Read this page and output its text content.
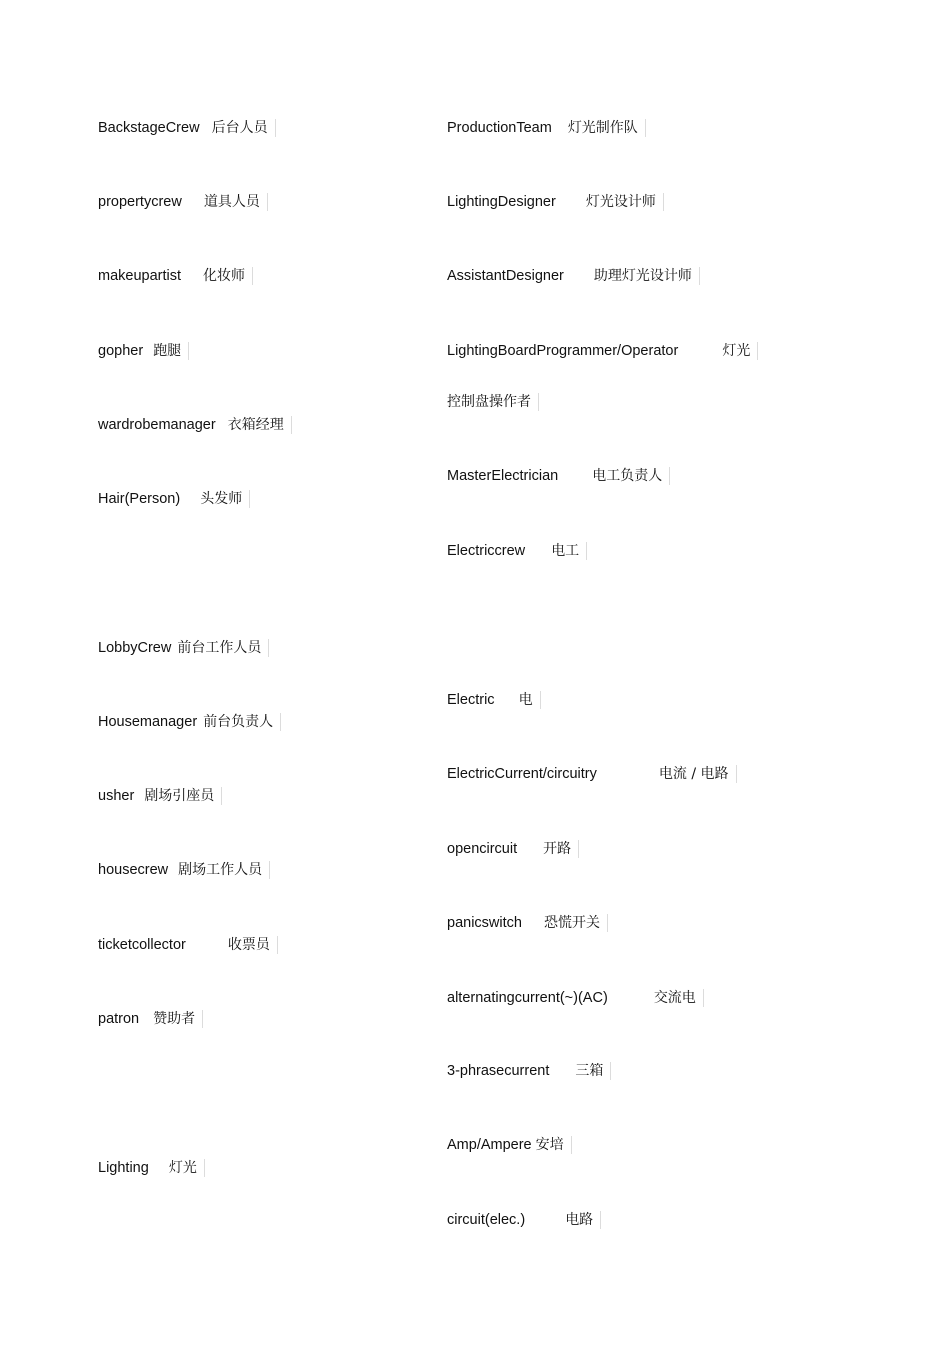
BackstageCrew 后台人员
propertycrew 道具人员
makeupartist 化妆师
gopher 跑腿
wardrobemanager 衣箱经理
Hair(Person) 头发师
LobbyCrew 前台工作人员
Housemanager 前台负责人
usher 剧场引座员
housecrew 剧场工作人员
ticketcollector	收票员
patron 赞助者
Lighting 灯光
ProductionTeam 灯光制作队
LightingDesigner 灯光设计师
AssistantDesigner 助理灯光设计师
LightingBoardProgrammer/Operator	灯光
控制盘操作者
MasterElectrician 电工负责人
Electriccrew 电工
Electric 电
ElectricCurrent/circuitry	电流 / 电路
opencircuit 开路
panicswitch 恐慌开关
alternatingcurrent(~)(AC)	交流电
3-phrasecurrent 三箱
Amp/Ampere 安培
circuit(elec.)	电路
